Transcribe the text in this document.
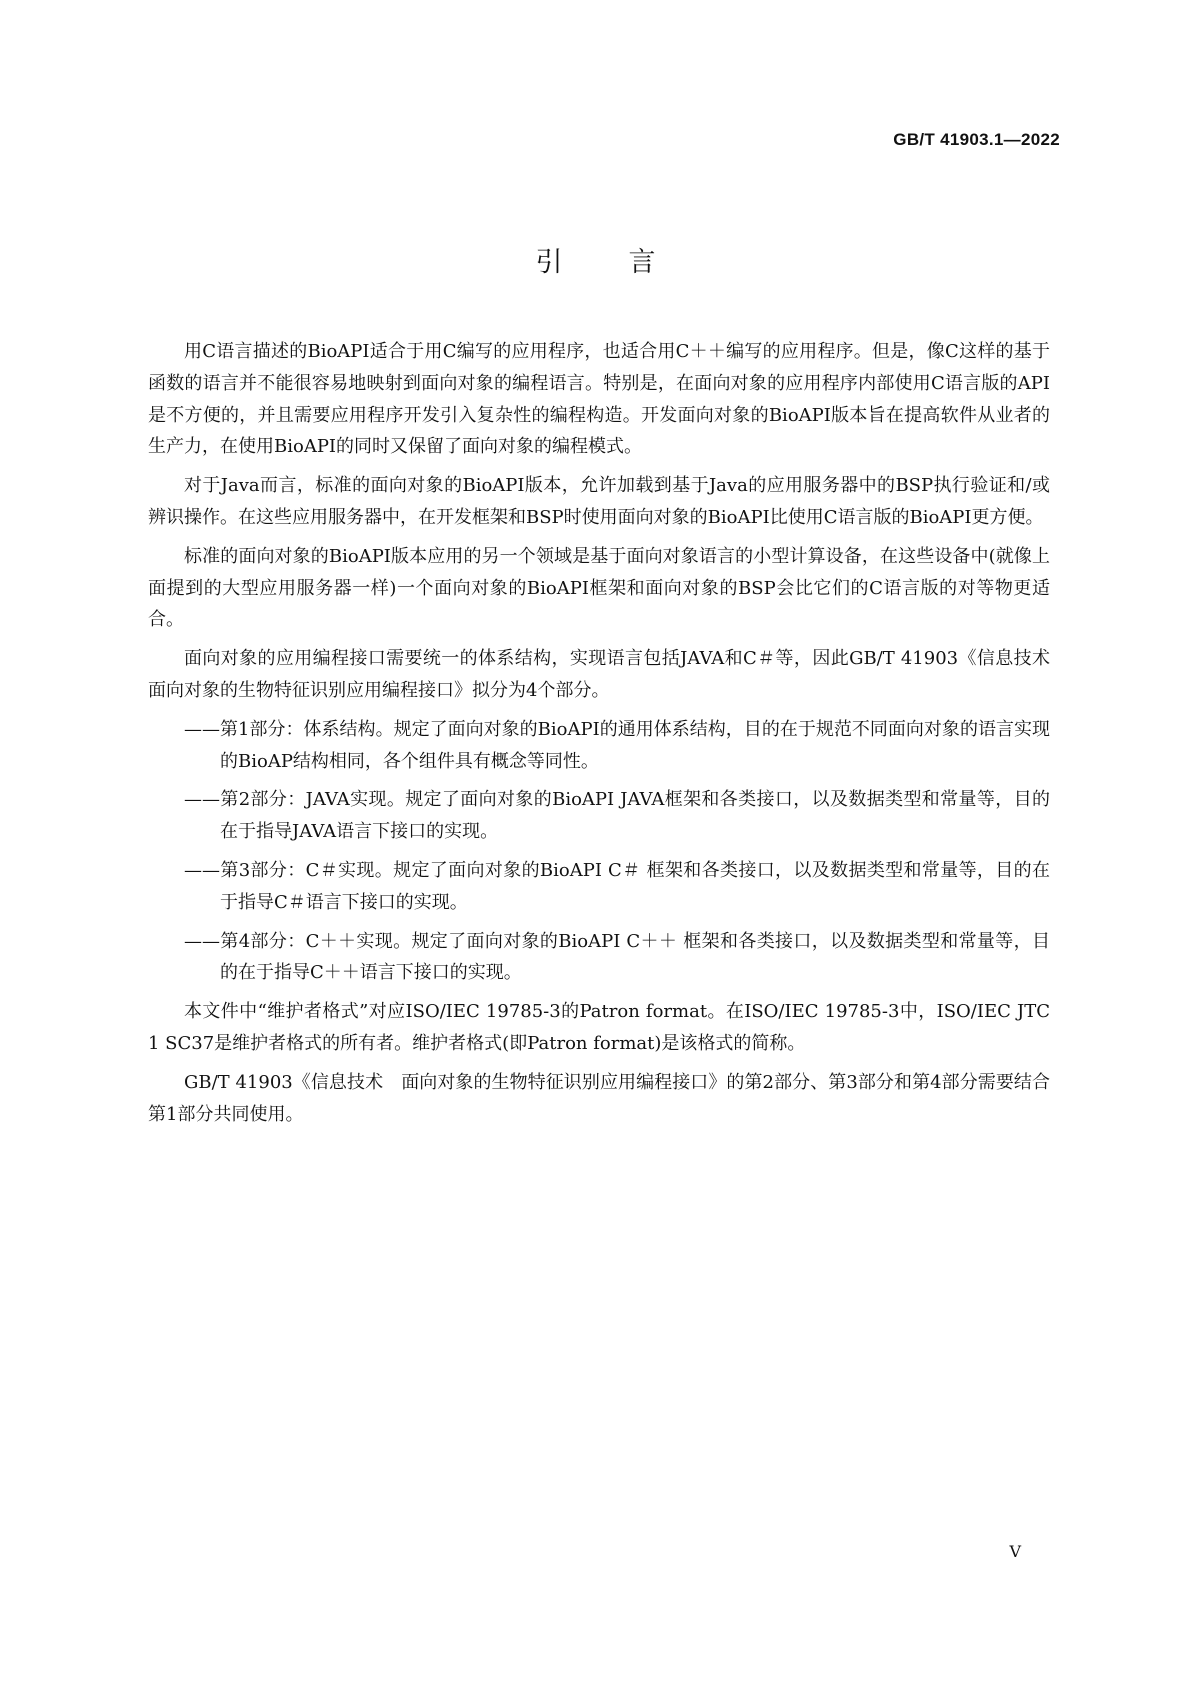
GB/T 41903.1—2022
引言

用C语言描述的BioAPI适合于用C编写的应用程序，也适合用C＋＋编写的应用程序。但是，像C这样的基于函数的语言并不能很容易地映射到面向对象的编程语言。特别是，在面向对象的应用程序内部使用C语言版的API是不方便的，并且需要应用程序开发引入复杂性的编程构造。开发面向对象的BioAPI版本旨在提高软件从业者的生产力，在使用BioAPI的同时又保留了面向对象的编程模式。

对于Java而言，标准的面向对象的BioAPI版本，允许加载到基于Java的应用服务器中的BSP执行验证和/或辨识操作。在这些应用服务器中，在开发框架和BSP时使用面向对象的BioAPI比使用C语言版的BioAPI更方便。

标准的面向对象的BioAPI版本应用的另一个领域是基于面向对象语言的小型计算设备，在这些设备中(就像上面提到的大型应用服务器一样)一个面向对象的BioAPI框架和面向对象的BSP会比它们的C语言版的对等物更适合。

面向对象的应用编程接口需要统一的体系结构，实现语言包括JAVA和C＃等，因此GB/T 41903《信息技术　面向对象的生物特征识别应用编程接口》拟分为4个部分。

——第1部分：体系结构。规定了面向对象的BioAPI的通用体系结构，目的在于规范不同面向对象的语言实现的BioAP结构相同，各个组件具有概念等同性。

——第2部分：JAVA实现。规定了面向对象的BioAPI JAVA框架和各类接口，以及数据类型和常量等，目的在于指导JAVA语言下接口的实现。

——第3部分：C＃实现。规定了面向对象的BioAPI C＃ 框架和各类接口，以及数据类型和常量等，目的在于指导C＃语言下接口的实现。

——第4部分：C＋＋实现。规定了面向对象的BioAPI C＋＋ 框架和各类接口，以及数据类型和常量等，目的在于指导C＋＋语言下接口的实现。

本文件中“维护者格式”对应ISO/IEC 19785-3的Patron format。在ISO/IEC 19785-3中，ISO/IEC JTC 1 SC37是维护者格式的所有者。维护者格式(即Patron format)是该格式的简称。

GB/T 41903《信息技术　面向对象的生物特征识别应用编程接口》的第2部分、第3部分和第4部分需要结合第1部分共同使用。

V
